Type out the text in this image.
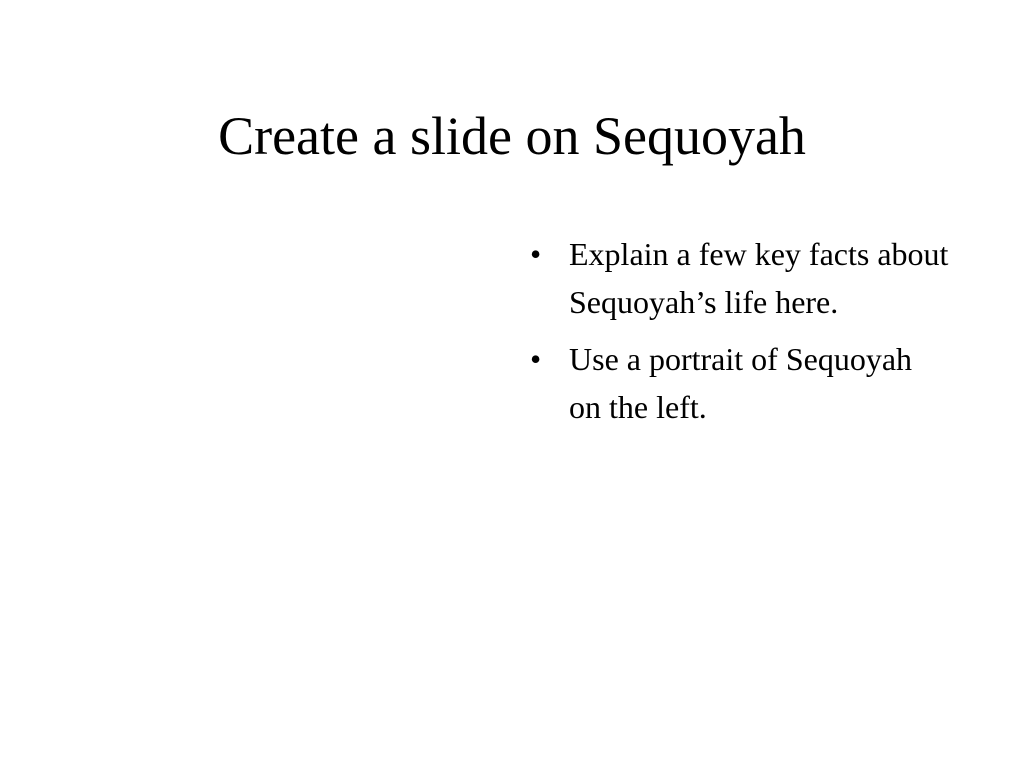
Create a slide on Sequoyah
• Explain a few key facts about Sequoyah’s life here.
• Use a portrait of Sequoyah on the left.
